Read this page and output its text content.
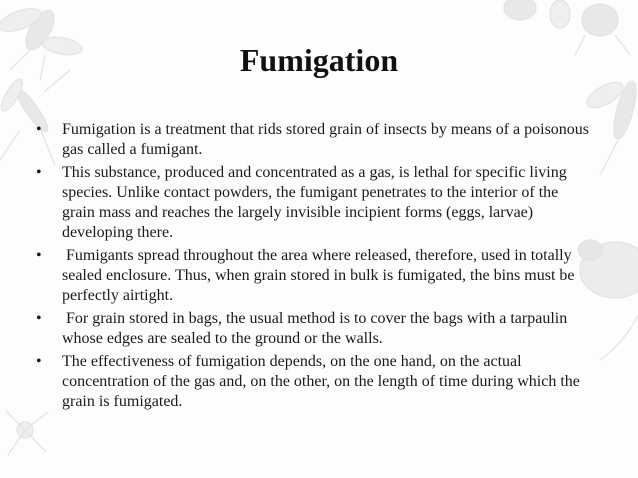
Fumigation
• Fumigation is a treatment that rids stored grain of insects by means of a poisonous gas called a fumigant.
• This substance, produced and concentrated as a gas, is lethal for specific living species. Unlike contact powders, the fumigant penetrates to the interior of the grain mass and reaches the largely invisible incipient forms (eggs, larvae) developing there.
• Fumigants spread throughout the area where released, therefore, used in totally sealed enclosure. Thus, when grain stored in bulk is fumigated, the bins must be perfectly airtight.
• For grain stored in bags, the usual method is to cover the bags with a tarpaulin whose edges are sealed to the ground or the walls.
• The effectiveness of fumigation depends, on the one hand, on the actual concentration of the gas and, on the other, on the length of time during which the grain is fumigated.
